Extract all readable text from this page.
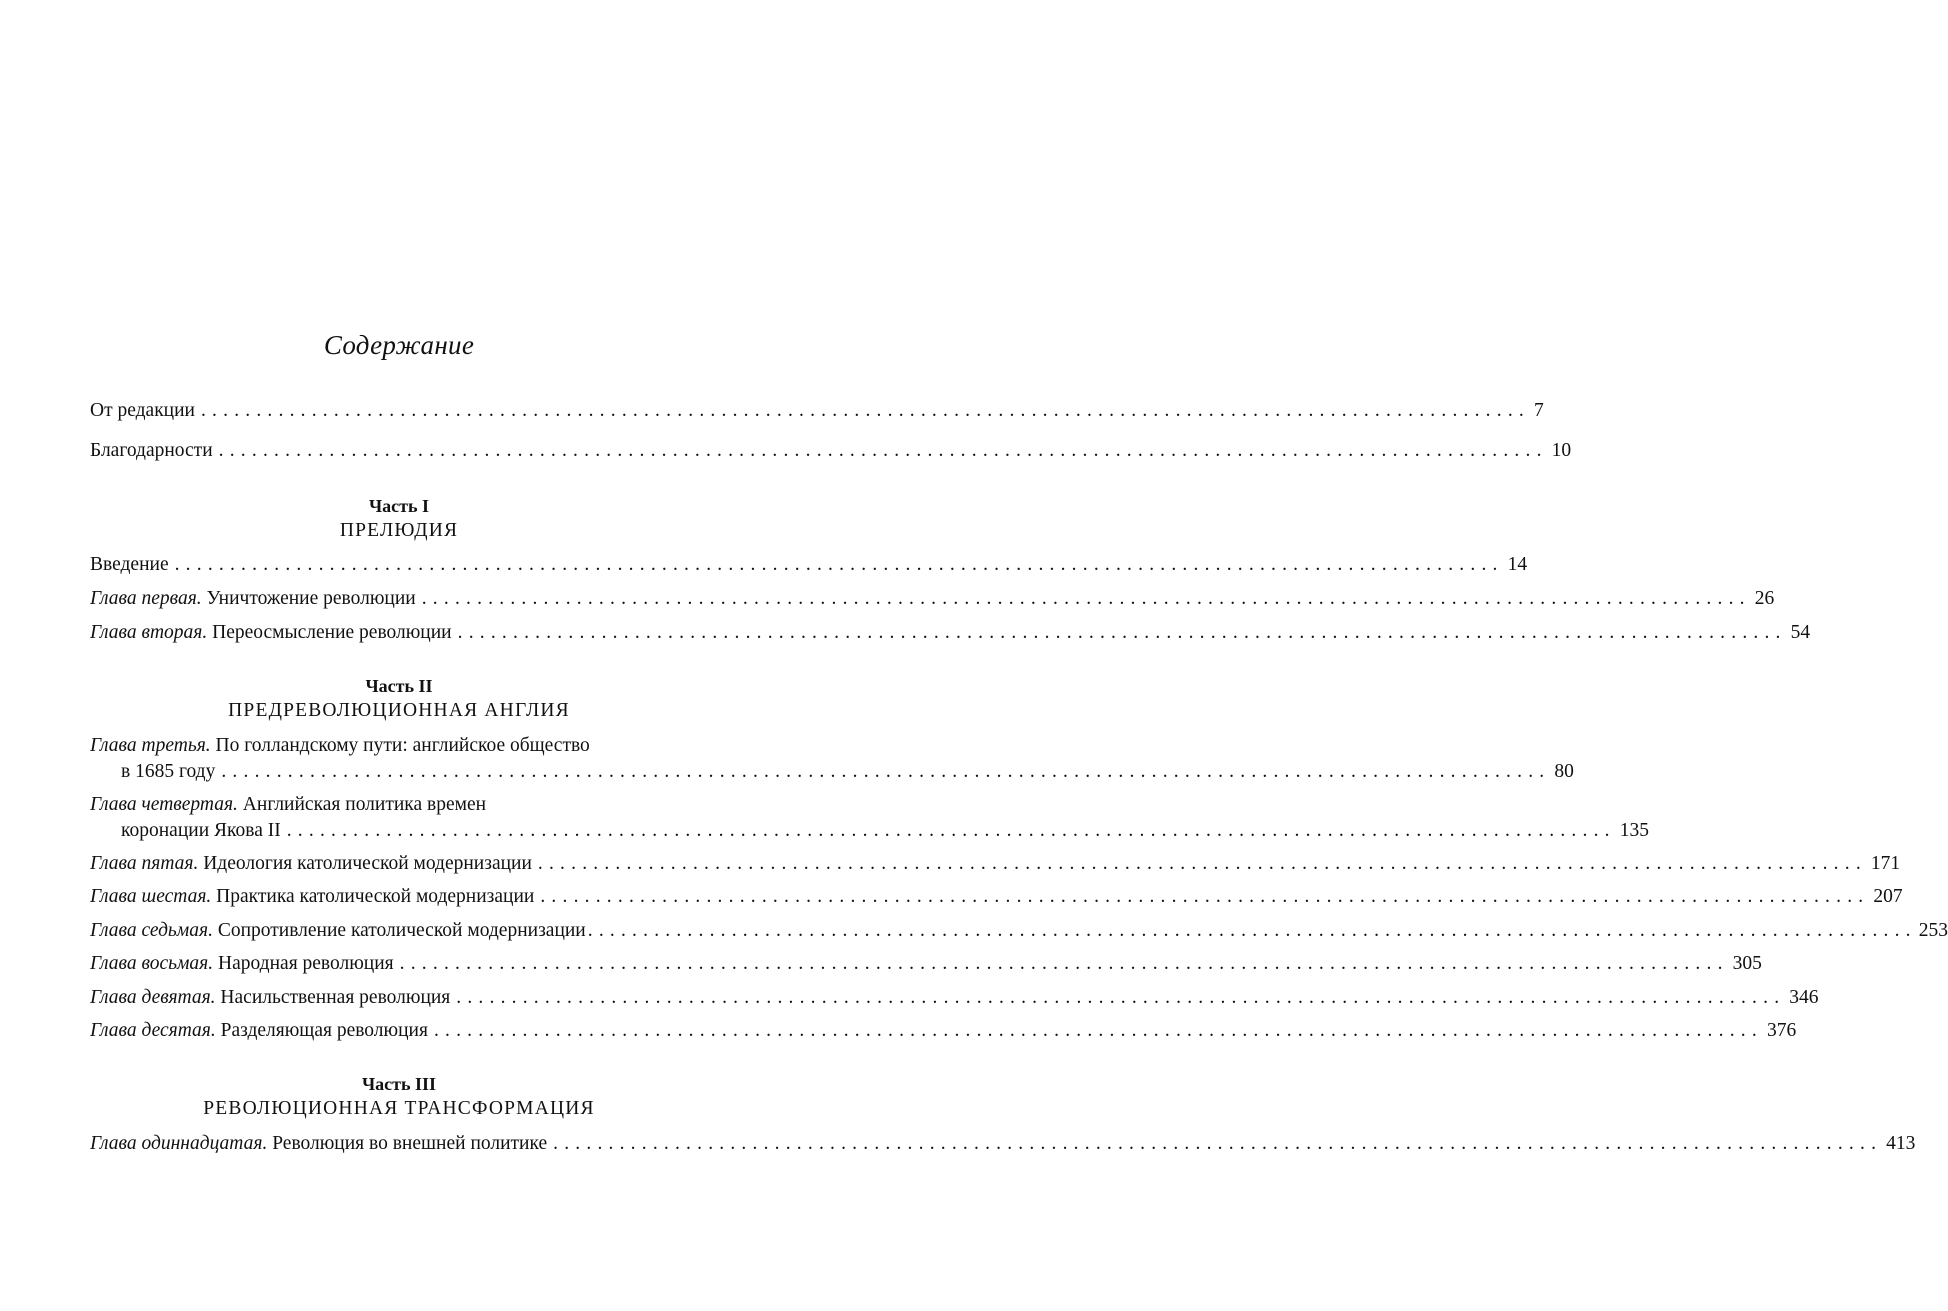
Содержание
От редакции ........................................................................................................................ 7
Благодарности ........................................................................................................................ 10
Часть I
ПРЕЛЮДИЯ
Введение ........................................................................................................................ 14
Глава первая. Уничтожение революции ........................................................................................................................ 26
Глава вторая. Переосмысление революции ........................................................................................................................ 54
Часть II
ПРЕДРЕВОЛЮЦИОННАЯ АНГЛИЯ
Глава третья. По голландскому пути: английское общество
в 1685 году ........................................................................................................................ 80
Глава четвертая. Английская политика времен
коронации Якова II ........................................................................................................................ 135
Глава пятая. Идеология католической модернизации ........................................................................................................................ 171
Глава шестая. Практика католической модернизации ........................................................................................................................ 207
Глава седьмая. Сопротивление католической модернизации ........................................................................................................................ 253
Глава восьмая. Народная революция ........................................................................................................................ 305
Глава девятая. Насильственная революция ........................................................................................................................ 346
Глава десятая. Разделяющая революция ........................................................................................................................ 376
Часть III
РЕВОЛЮЦИОННАЯ ТРАНСФОРМАЦИЯ
Глава одиннадцатая. Революция во внешней политике ........................................................................................................................ 413
